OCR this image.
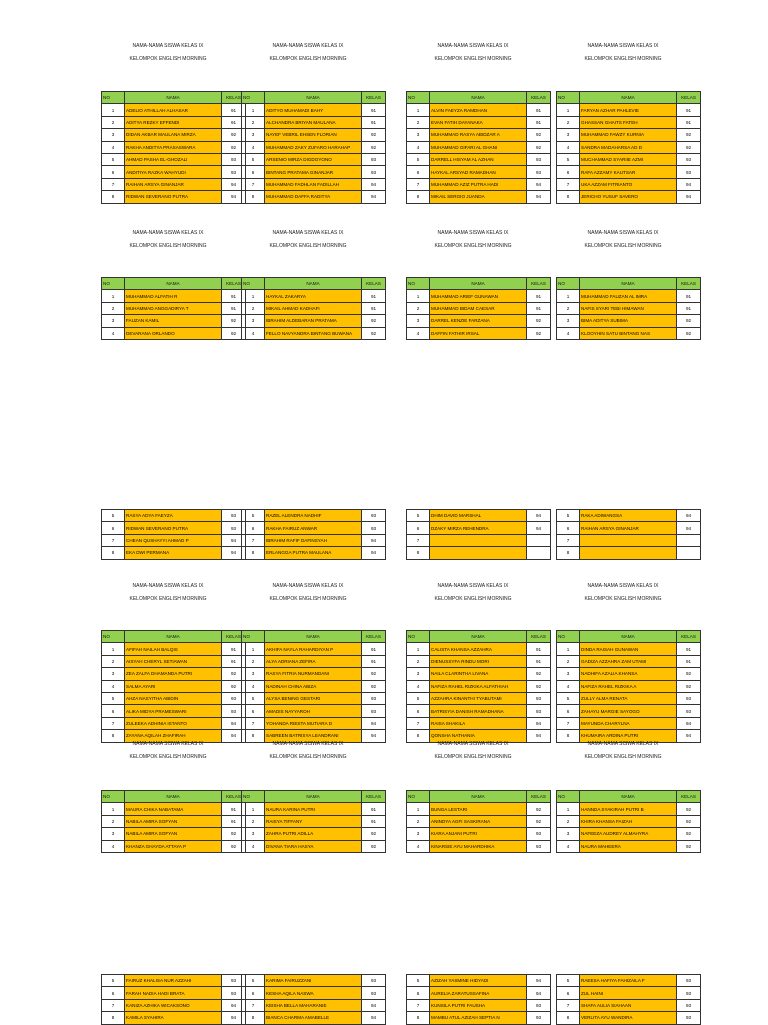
NAMA-NAMA SISWA KELAS IX
KELOMPOK ENGLISH MORNING
NO	NAMA	KELAS
1	ADELIO ATHILLAH ALHASAR	91
2	ADITYA REZKY EFFENDI	91
3	DIDAN AKBAR MAULANA MIRZA	92
4	RAKHA ANDITYA PRASASWARA	92
5	AHMAD PASHA EL-GHOZALI	93
6	ANDITIYA RAZKA WAHYUDI	93
7	RAIHAN ARSYA GINANJAR	94
8	RIDWAN SEVERANO PUTRA	94
NAMA-NAMA SISWA KELAS IX
KELOMPOK ENGLISH MORNING
NO	NAMA	KELAS
1	ADITYO MUHAMADI BAHY	91
2	ALCHANDRA BRIYAN MAULANA	91
3	NAYEF VEBRIL EHSEN FLORIAN	92
4	MUHAMMAD ZAKY ZUFARO HARAHAP	92
5	ARSENIO MIRZA DIGDOYONO	93
6	BINTANG PRATAMA GINANJAR	93
7	MUHAMMAD FADHLAN FADILLAH	94
8	MUHAMMAD DAFFA RADITYA	94
NAMA-NAMA SISWA KELAS IX
KELOMPOK ENGLISH MORNING
NO	NAMA	KELAS
1	ALVIN FAEYZA RAMDHAN	91
2	EVAN FATIH DAYANAKA	91
3	MUHAMMAD RASYA ABIDZAR A	92
4	MUHAMMAD GIFARI AL GHANI	92
5	DARRELL HISYAM AL AZHAN	93
6	HAYKAL ARSYAD RAMADHAN	93
7	MUHAMMAD AZIZ PUTRA HADI	94
8	MIKAIL SERGIO JUANDA	94
NAMA-NAMA SISWA KELAS IX
KELOMPOK ENGLISH MORNING
NO	NAMA	KELAS
1	FARYAN AZHAR PAHLEVIE	91
2	GHASSAN GHAITS FATEH	91
3	MUHAMMAD FAWZY KURNIA	92
4	SANDRA MADAHARSA AD D	92
5	MUCHAMMAD SYARIIE AZMI	93
6	RAFA AZZAMY KAUTSAR	93
7	UKA AZZAM FITRIANTO	94
8	JERICHO YUSUF SAVERO	94
NAMA-NAMA SISWA KELAS IX
KELOMPOK ENGLISH MORNING
NO	NAMA	KELAS
1	MUHAMMAD ALFATIH R	91
2	MUHAMMAD ANGGADIRYA T	91
3	FAUZAN KAMIL	92
4	DEVARANA ORLANDO	92
NAMA-NAMA SISWA KELAS IX
KELOMPOK ENGLISH MORNING
NO	NAMA	KELAS
1	HAYKAL ZAKARYA	91
2	MIKAIL AHMAD KADHAFI	91
3	IBRAHIM ALDEBARAN PRATAMA	92
4	FELLO NAVYANDRA BINTANG BUWANA	92
NAMA-NAMA SISWA KELAS IX
KELOMPOK ENGLISH MORNING
NO	NAMA	KELAS
1	MUHAMMAD ARIEF GUNAWAN	91
2	MUHAMMAD BIDAM CAESAR	91
3	DARREL KENZIE FARZANA	92
4	DAFFIN FATHIR IRSAL	92
NAMA-NAMA SISWA KELAS IX
KELOMPOK ENGLISH MORNING
NO	NAMA	KELAS
1	MUHAMMAD FAUZAN AL IMRA	91
2	NAFIS SYARI TEBI HIMAWAN	91
3	BIMA ADITYA SUBIMA	92
4	KLOOYHIN SATU BINTANG NAS	92
5	RASYA ADYA FAEYZA	93
6	RIDWAN SEVERANO PUTRA	93
7	CHEAN QUSHAYYI AHMAD P	94
8	EKA DWI PERMANA	94
5	RAZEL ALENDRA NADHIF	93
6	RAKHA FAIRUZ ANWAR	93
7	IBRAHIM RAFIF DAFINSYAH	94
8	ERLANGGA PUTRA MAULANA	94
5	DHIM DAVID MARSHAL	94
6	DZAKY MIRZA REHENDRA	94
7		
8		
5	RAKA ADIWANGSA	94
6	RAIHAN ARSYA GINANJAR	94
7		
8		
NAMA-NAMA SISWA KELAS IX
KELOMPOK ENGLISH MORNING
NO	NAMA	KELAS
1	AFIFAH NAILAH BALQIS	91
2	AISYAH CHERYL SETIAWAN	91
3	ZEA ZALFA DHAMANDA PUTRI	92
4	SALMA AYARI	92
5	AHZA NASYITHA ABIDIN	93
6	ALIKA MIDYA PRAMESWARI	93
7	ZULEEKA ADHINIA ISTANTO	94
8	ZAYANA AQILAH ZHAFIRAH	94
NAMA-NAMA SISWA KELAS IX
KELOMPOK ENGLISH MORNING
NO	NAMA	KELAS
1	AKHIFA NAYLA RAHARDIYAN P	91
2	ALYA ADRIANA ZEFIRA	91
3	RASYA FITRIA NURMANDANI	92
4	NADINAH CHINA ABIZA	92
5	ALYSA BENING GESTARI	93
6	AMADIS NAYYAROH	93
7	YOHANDA RIESTA MUTIARA D	94
8	SABREEN BATRISYA LEANDRANI	94
NAMA-NAMA SISWA KELAS IX
KELOMPOK ENGLISH MORNING
NO	NAMA	KELAS
1	CALISTA KHANSA AZZAHRA	91
2	DIENUSSYFA RINDU MORI	91
3	NAILA CLARINTHA LIVANA	92
4	NAFIZA RAHEL RIZKIKA ALFATHIAH	92
5	AZZAHRA KINANTHI TYABUTAMI	93
6	BATRISYIA DANISH RAMADHANA	93
7	RAISA SHAKILA	94
8	QONSHA NATHANIA	94
NAMA-NAMA SISWA KELAS IX
KELOMPOK ENGLISH MORNING
NO	NAMA	KELAS
1	DINDA RAISAH GUNAWAN	91
2	GADIZA AZZAHRA ZAM UTAMI	91
3	NADHIFA AZALIA KHANSA	92
4	NAFIZA RAHEL RIZKIKA A	92
5	ZULLY ALMA RENATA	93
6	ZAHAYU MARGIE SAYOGO	93
7	MAYUNDA CHARYLNA	94
8	KHUMAIRA ARDINA PUTRI	94
NAMA-NAMA SISWA KELAS IX
KELOMPOK ENGLISH MORNING
NO	NAMA	KELAS
1	MAURA CHIKA NABATAMA	91
2	NABILA AMIRA SOFYAN	91
3	NABILA AMIRA SOFYAN	92
4	KHANZA GHAYDA ATTAYA P	92
NAMA-NAMA SISWA KELAS IX
KELOMPOK ENGLISH MORNING
NO	NAMA	KELAS
1	NAURA KARINA PUTRI	91
2	RAISYA TIFFANY	91
3	ZAHRA PUTRI ADILLA	92
4	DIVANA TIARA HASYA	92
NAMA-NAMA SISWA KELAS IX
KELOMPOK ENGLISH MORNING
NO	NAMA	KELAS
1	BUNGA LESTARI	92
2	ANINDYA AGFI SASKIRANA	92
3	KIARA ANJANI PUTRI	93
4	KINARSIE AYU MAHARDHIKA	93
NAMA-NAMA SISWA KELAS IX
KELOMPOK ENGLISH MORNING
NO	NAMA	KELAS
1	HANNDA SYAKIRAH PUTRI B	92
2	KHIRA KHANSA FAIZAH	92
3	NAFEEZA AUDREY ALMAHYRA	92
4	NAURA MAHEERA	92
5	FAIRUZ KHALISA NUR AZZAHI	93
6	FARAH NADIA HADI BRATA	93
7	KANIZA AZHIKA WICAKSONO	94
8	KAMILA SYAHIRA	94
5	KARIMA FAIRUZZANI	93
6	KESHA AQILA NASWA	93
7	KEISHA BELLA MAHARANIE	94
8	BIANCA CHARMA AMABELLE	94
5	AZIZAH YASMINE HIDYADI	94
6	AURELIA ZARATUSSAFINA	94
7	KUNSILA PUTRI FAUSHA	93
8	MAMBU ATUL AZIZAH SEPTIA N	93
5	RAEESA HAFIYA FAHIZAILA F	93
6	ZUL HAINI	93
7	SHAFA AULIA SIAHAAN	93
8	VERLITA AYU WANDIRA	93
